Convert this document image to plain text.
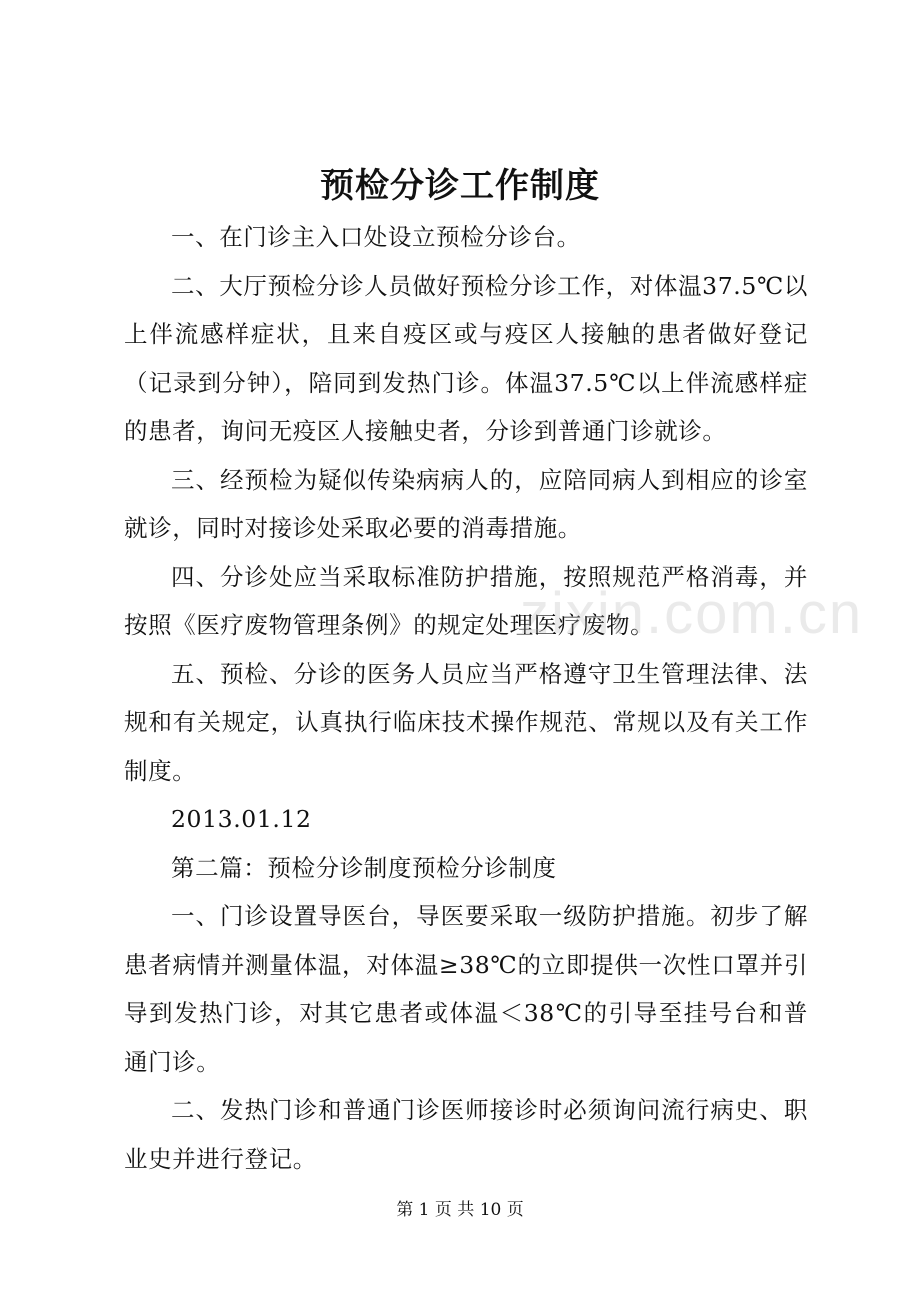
预检分诊工作制度

一、在门诊主入口处设立预检分诊台。

二、大厅预检分诊人员做好预检分诊工作，对体温37.5℃以上伴流感样症状，且来自疫区或与疫区人接触的患者做好登记（记录到分钟），陪同到发热门诊。体温37.5℃以上伴流感样症的患者，询问无疫区人接触史者，分诊到普通门诊就诊。

三、经预检为疑似传染病病人的，应陪同病人到相应的诊室就诊，同时对接诊处采取必要的消毒措施。

四、分诊处应当采取标准防护措施，按照规范严格消毒，并按照《医疗废物管理条例》的规定处理医疗废物。

五、预检、分诊的医务人员应当严格遵守卫生管理法律、法规和有关规定，认真执行临床技术操作规范、常规以及有关工作制度。

2013.01.12

第二篇：预检分诊制度预检分诊制度

一、门诊设置导医台，导医要采取一级防护措施。初步了解患者病情并测量体温，对体温≥38℃的立即提供一次性口罩并引导到发热门诊，对其它患者或体温＜38℃的引导至挂号台和普通门诊。

二、发热门诊和普通门诊医师接诊时必须询问流行病史、职业史并进行登记。

zixin.com.cn
第 1 页 共 10 页
